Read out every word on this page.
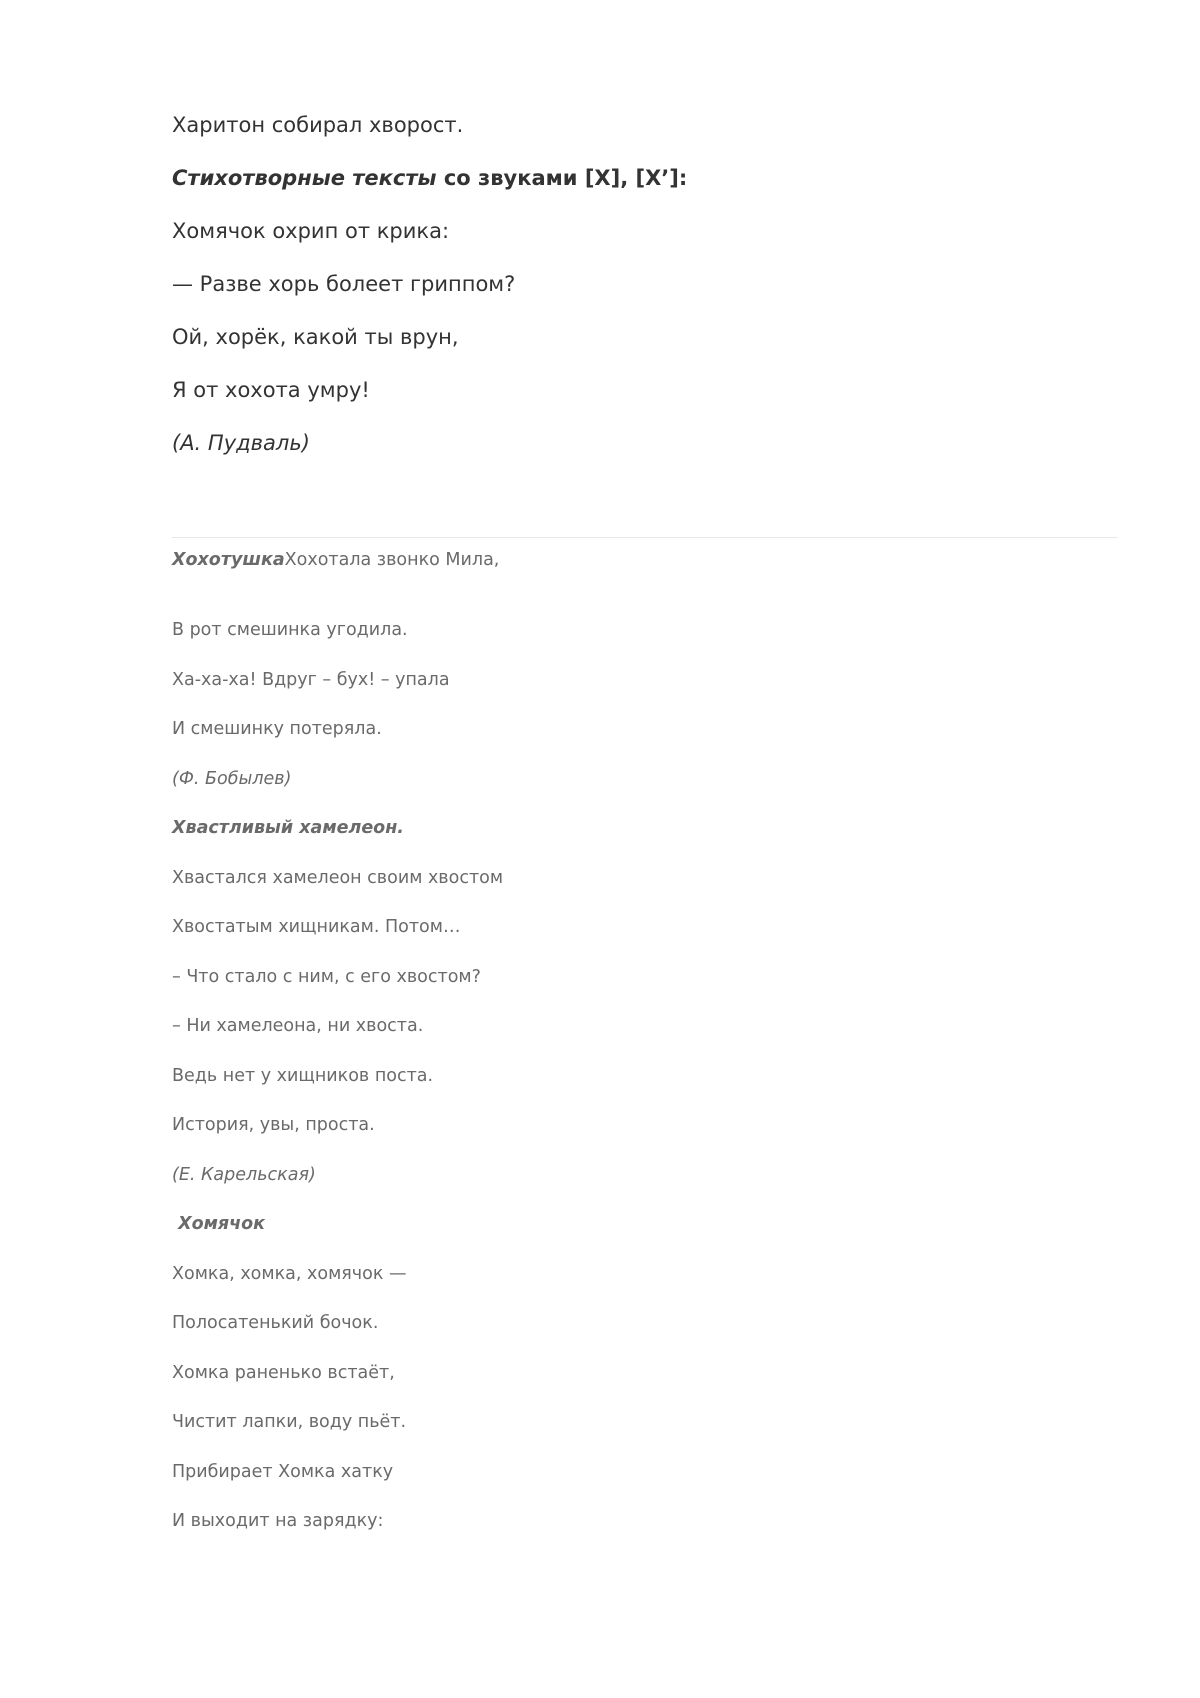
Харитон собирал хворост.

Стихотворные тексты со звуками [Х], [Х’]:

Хомячок охрип от крика:

— Разве хорь болеет гриппом?

Ой, хорёк, какой ты врун,

Я от хохота умру!

(А. Пудваль)

ХохотушкаХохотала звонко Мила,

В рот смешинка угодила.

Ха-ха-ха! Вдруг – бух! – упала

И смешинку потеряла.

(Ф. Бобылев)

Хвастливый хамелеон.

Хвастался хамелеон своим хвостом

Хвостатым хищникам. Потом…

– Что стало с ним, с его хвостом?

– Ни хамелеона, ни хвоста.

Ведь нет у хищников поста.

История, увы, проста.

(Е. Карельская)

Хомячок

Хомка, хомка, хомячок —

Полосатенький бочок.

Хомка раненько встаёт,

Чистит лапки, воду пьёт.

Прибирает Хомка хатку

И выходит на зарядку:
